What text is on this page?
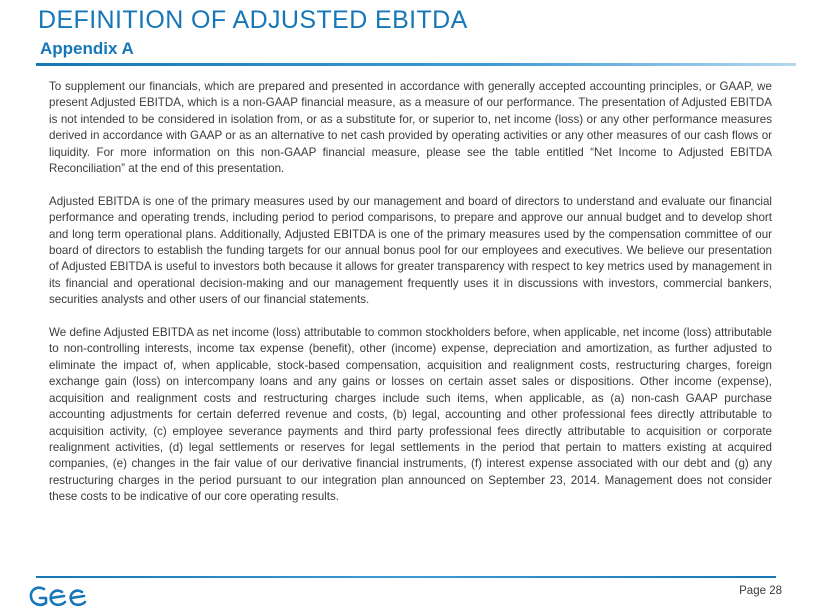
DEFINITION OF ADJUSTED EBITDA
Appendix A

To supplement our financials, which are prepared and presented in accordance with generally accepted accounting principles, or GAAP, we present Adjusted EBITDA, which is a non-GAAP financial measure, as a measure of our performance. The presentation of Adjusted EBITDA is not intended to be considered in isolation from, or as a substitute for, or superior to, net income (loss) or any other performance measures derived in accordance with GAAP or as an alternative to net cash provided by operating activities or any other measures of our cash flows or liquidity. For more information on this non-GAAP financial measure, please see the table entitled “Net Income to Adjusted EBITDA Reconciliation” at the end of this presentation.

Adjusted EBITDA is one of the primary measures used by our management and board of directors to understand and evaluate our financial performance and operating trends, including period to period comparisons, to prepare and approve our annual budget and to develop short and long term operational plans. Additionally, Adjusted EBITDA is one of the primary measures used by the compensation committee of our board of directors to establish the funding targets for our annual bonus pool for our employees and executives. We believe our presentation of Adjusted EBITDA is useful to investors both because it allows for greater transparency with respect to key metrics used by management in its financial and operational decision-making and our management frequently uses it in discussions with investors, commercial bankers, securities analysts and other users of our financial statements.

We define Adjusted EBITDA as net income (loss) attributable to common stockholders before, when applicable, net income (loss) attributable to non-controlling interests, income tax expense (benefit), other (income) expense, depreciation and amortization, as further adjusted to eliminate the impact of, when applicable, stock-based compensation, acquisition and realignment costs, restructuring charges, foreign exchange gain (loss) on intercompany loans and any gains or losses on certain asset sales or dispositions. Other income (expense), acquisition and realignment costs and restructuring charges include such items, when applicable, as (a) non-cash GAAP purchase accounting adjustments for certain deferred revenue and costs, (b) legal, accounting and other professional fees directly attributable to acquisition activity, (c) employee severance payments and third party professional fees directly attributable to acquisition or corporate realignment activities, (d) legal settlements or reserves for legal settlements in the period that pertain to matters existing at acquired companies, (e) changes in the fair value of our derivative financial instruments, (f) interest expense associated with our debt and (g) any restructuring charges in the period pursuant to our integration plan announced on September 23, 2014. Management does not consider these costs to be indicative of our core operating results.

Page 28
